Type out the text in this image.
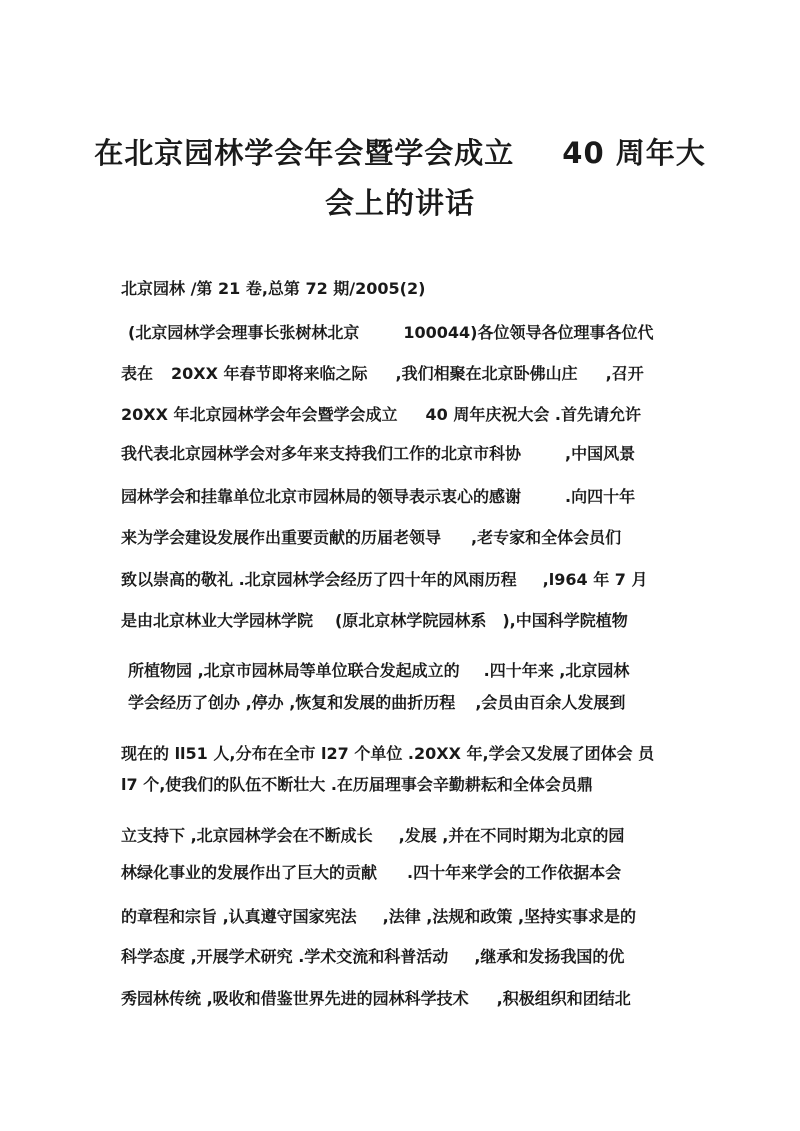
在北京园林学会年会暨学会成立 40 周年大
会上的讲话
北京园林 /第 21 卷,总第 72 期/2005(2)

(北京园林学会理事长张树林北京	100044)各位领导各位理事各位代

表在 20XX 年春节即将来临之际 ,我们相聚在北京卧佛山庄 ,召开

20XX 年北京园林学会年会暨学会成立 40 周年庆祝大会 .首先请允许

我代表北京园林学会对多年来支持我们工作的北京市科协	,中国风景

园林学会和挂靠单位北京市园林局的领导表示衷心的感谢	.向四十年

来为学会建设发展作出重要贡献的历届老领导 ,老专家和全体会员们

致以崇高的敬礼 .北京园林学会经历了四十年的风雨历程 ,l964 年 7 月

是由北京林业大学园林学院 (原北京林学院园林系 ),中国科学院植物

所植物园 ,北京市园林局等单位联合发起成立的 .四十年来 ,北京园林

学会经历了创办 ,停办 ,恢复和发展的曲折历程 ,会员由百余人发展到

现在的 ll51 人,分布在全市 l27 个单位 .20XX 年,学会又发展了团体会 员

l7 个,使我们的队伍不断壮大 .在历届理事会辛勤耕耘和全体会员鼎

立支持下 ,北京园林学会在不断成长 ,发展 ,并在不同时期为北京的园

林绿化事业的发展作出了巨大的贡献 .四十年来学会的工作依据本会

的章程和宗旨 ,认真遵守国家宪法 ,法律 ,法规和政策 ,坚持实事求是的

科学态度 ,开展学术研究 .学术交流和科普活动 ,继承和发扬我国的优

秀园林传统 ,吸收和借鉴世界先进的园林科学技术 ,积极组织和团结北
